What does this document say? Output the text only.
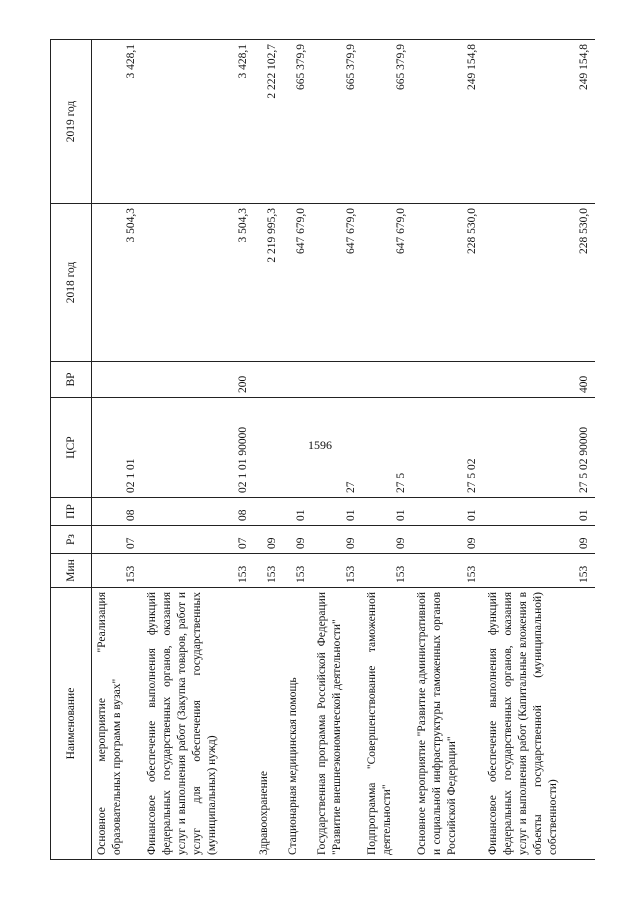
1596
Наименование	Мин	Рз	ПР	ЦСР	ВР	2018 год	2019 год
Основное мероприятие "Реализация образовательных программ в вузах"	153	07	08	02 1 01		3 504,3	3 428,1
Финансовое обеспечение выполнения функций федеральных государственных органов, оказания услуг и выполнения работ (Закупка товаров, работ и услуг для обеспечения государственных (муниципальных) нужд)	153	07	08	02 1 01 90000	200	3 504,3	3 428,1
Здравоохранение	153	09				2 219 995,3	2 222 102,7
Стационарная медицинская помощь	153	09	01			647 679,0	665 379,9
Государственная программа Российской Федерации "Развитие внешнеэкономической деятельности"	153	09	01	27		647 679,0	665 379,9
Подпрограмма "Совершенствование таможенной деятельности"	153	09	01	27 5		647 679,0	665 379,9
Основное мероприятие "Развитие административной и социальной инфраструктуры таможенных органов Российской Федерации"	153	09	01	27 5 02		228 530,0	249 154,8
Финансовое обеспечение выполнения функций федеральных государственных органов, оказания услуг и выполнения работ (Капитальные вложения в объекты государственной (муниципальной) собственности)	153	09	01	27 5 02 90000	400	228 530,0	249 154,8
